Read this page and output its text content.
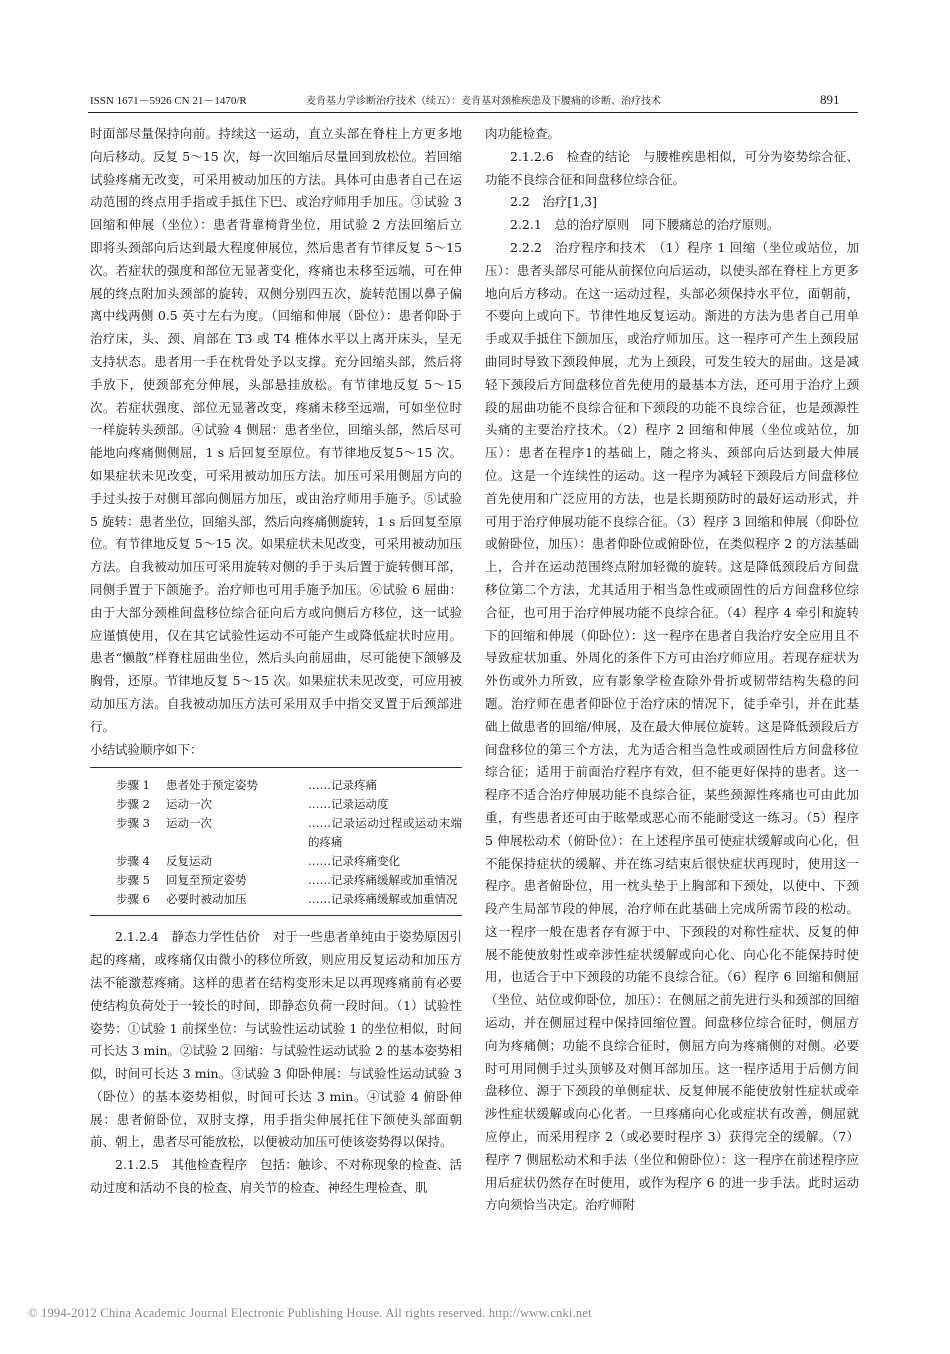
ISSN 1671－5926 CN 21－1470/R	麦肯基力学诊断治疗技术（续五）：麦肯基对颈椎疾患及下腰痛的诊断、治疗技术	891

时面部尽量保持向前。持续这一运动，直立头部在脊柱上方更多地向后移动。反复 5～15 次，每一次回缩后尽量回到放松位。若回缩试验疼痛无改变，可采用被动加压的方法。具体可由患者自己在运动范围的终点用手指或手抵住下巴、或治疗师用手加压。③试验 3 回缩和伸展（坐位）：患者背靠椅背坐位，用试验 2 方法回缩后立即将头颈部向后达到最大程度伸展位，然后患者有节律反复 5～15 次。若症状的强度和部位无显著变化，疼痛也未移至远端，可在伸展的终点附加头颈部的旋转，双侧分别四五次，旋转范围以鼻子偏离中线两侧 0.5 英寸左右为度。（回缩和伸展（卧位）：患者仰卧于治疗床，头、颈、肩部在 T3 或 T4 椎体水平以上离开床头，呈无支持状态。患者用一手在枕骨处予以支撑。充分回缩头部，然后将手放下，使颈部充分伸展，头部悬挂放松。有节律地反复 5～15次。若症状强度、部位无显著改变，疼痛未移至远端，可如坐位时一样旋转头颈部。④试验 4 侧屈：患者坐位，回缩头部，然后尽可能地向疼痛侧侧屈，1 s 后回复至原位。有节律地反复5～15 次。如果症状未见改变，可采用被动加压方法。加压可采用侧屈方向的手过头按于对侧耳部向侧屈方加压，或由治疗师用手施予。⑤试验 5 旋转：患者坐位，回缩头部，然后向疼痛侧旋转，1 s 后回复至原位。有节律地反复 5～15 次。如果症状未见改变，可采用被动加压方法。自我被动加压可采用旋转对侧的手于头后置于旋转侧耳部，同侧手置于下颌施予。治疗师也可用手施予加压。⑥试验 6 屈曲：由于大部分颈椎间盘移位综合征向后方或向侧后方移位，这一试验应谨慎使用，仅在其它试验性运动不可能产生或降低症状时应用。患者“懒散”样脊柱屈曲坐位，然后头向前屈曲，尽可能使下颌够及胸骨，还原。节律地反复 5～15 次。如果症状未见改变，可应用被动加压方法。自我被动加压方法可采用双手中指交叉置于后颈部进行。

小结试验顺序如下：

步骤 1	患者处于预定姿势	……记录疼痛
步骤 2	运动一次	……记录运动度
步骤 3	运动一次	……记录运动过程或运动末端的疼痛
步骤 4	反复运动	……记录疼痛变化
步骤 5	回复至预定姿势	……记录疼痛缓解或加重情况
步骤 6	必要时被动加压	……记录疼痛缓解或加重情况

2.1.2.4　静态力学性估价　对于一些患者单纯由于姿势原因引起的疼痛，或疼痛仅由微小的移位所致，则应用反复运动和加压方法不能激惹疼痛。这样的患者在结构变形未足以再现疼痛前有必要使结构负荷处于一较长的时间，即静态负荷一段时间。（1）试验性姿势：①试验 1 前探坐位：与试验性运动试验 1 的坐位相似，时间可长达 3 min。②试验 2 回缩：与试验性运动试验 2 的基本姿势相似，时间可长达 3 min。③试验 3 仰卧伸展：与试验性运动试验 3（卧位）的基本姿势相似，时间可长达 3 min。④试验 4 俯卧伸展：患者俯卧位，双肘支撑，用手指尖伸展托住下颌使头部面朝前、朝上，患者尽可能放松，以便被动加压可使该姿势得以保持。

2.1.2.5　其他检查程序　包括：触诊、不对称现象的检查、活动过度和活动不良的检查、肩关节的检查、神经生理检查、肌

肉功能检查。

2.1.2.6　检查的结论　与腰椎疾患相似，可分为姿势综合征、功能不良综合征和间盘移位综合征。

2.2　治疗[1,3]

2.2.1　总的治疗原则　同下腰痛总的治疗原则。

2.2.2　治疗程序和技术　（1）程序 1 回缩（坐位或站位，加压）：患者头部尽可能从前探位向后运动，以使头部在脊柱上方更多地向后方移动。在这一运动过程，头部必须保持水平位，面朝前，不要向上或向下。节律性地反复运动。渐进的方法为患者自己用单手或双手抵住下颌加压，或治疗师加压。这一程序可产生上颈段屈曲同时导致下颈段伸展，尤为上颈段，可发生较大的屈曲。这是减轻下颈段后方间盘移位首先使用的最基本方法，还可用于治疗上颈段的屈曲功能不良综合征和下颈段的功能不良综合征，也是颈源性头痛的主要治疗技术。（2）程序 2 回缩和伸展（坐位或站位，加压）：患者在程序1的基础上，随之将头、颈部向后达到最大伸展位。这是一个连续性的运动。这一程序为减轻下颈段后方间盘移位首先使用和广泛应用的方法，也是长期预防时的最好运动形式，并可用于治疗伸展功能不良综合征。（3）程序 3 回缩和伸展（仰卧位或俯卧位，加压）：患者仰卧位或俯卧位，在类似程序 2 的方法基础上，合并在运动范围终点附加轻微的旋转。这是降低颈段后方间盘移位第二个方法，尤其适用于相当急性或顽固性的后方间盘移位综合征，也可用于治疗伸展功能不良综合征。（4）程序 4 牵引和旋转下的回缩和伸展（仰卧位）：这一程序在患者自我治疗安全应用且不导致症状加重、外周化的条件下方可由治疗师应用。若现存症状为外伤或外力所致，应有影象学检查除外骨折或韧带结构失稳的问题。治疗师在患者仰卧位于治疗床的情况下，徒手牵引，并在此基础上做患者的回缩/伸展，及在最大伸展位旋转。这是降低颈段后方间盘移位的第三个方法，尤为适合相当急性或顽固性后方间盘移位综合征；适用于前面治疗程序有效，但不能更好保持的患者。这一程序不适合治疗伸展功能不良综合征，某些颈源性疼痛也可由此加重，有些患者还可由于眩晕或恶心而不能耐受这一练习。（5）程序 5 伸展松动术（俯卧位）：在上述程序虽可使症状缓解或向心化，但不能保持症状的缓解、并在练习结束后很快症状再现时，使用这一程序。患者俯卧位，用一枕头垫于上胸部和下颈处，以使中、下颈段产生局部节段的伸展，治疗师在此基础上完成所需节段的松动。这一程序一般在患者存有源于中、下颈段的对称性症状、反复的伸展不能使放射性或牵涉性症状缓解或向心化、向心化不能保持时使用，也适合于中下颈段的功能不良综合征。（6）程序 6 回缩和侧屈（坐位、站位或仰卧位，加压）：在侧屈之前先进行头和颈部的回缩运动，并在侧屈过程中保持回缩位置。间盘移位综合征时，侧屈方向为疼痛侧；功能不良综合征时，侧屈方向为疼痛侧的对侧。必要时可用同侧手过头顶够及对侧耳部加压。这一程序适用于后侧方间盘移位、源于下颈段的单侧症状、反复伸展不能使放射性症状或牵涉性症状缓解或向心化者。一旦疼痛向心化或症状有改善，侧屈就应停止，而采用程序 2（或必要时程序 3）获得完全的缓解。（7）程序 7 侧屈松动术和手法（坐位和俯卧位）：这一程序在前述程序应用后症状仍然存在时使用，或作为程序 6 的进一步手法。此时运动方向须恰当决定。治疗师附

© 1994-2012 China Academic Journal Electronic Publishing House. All rights reserved. http://www.cnki.net
